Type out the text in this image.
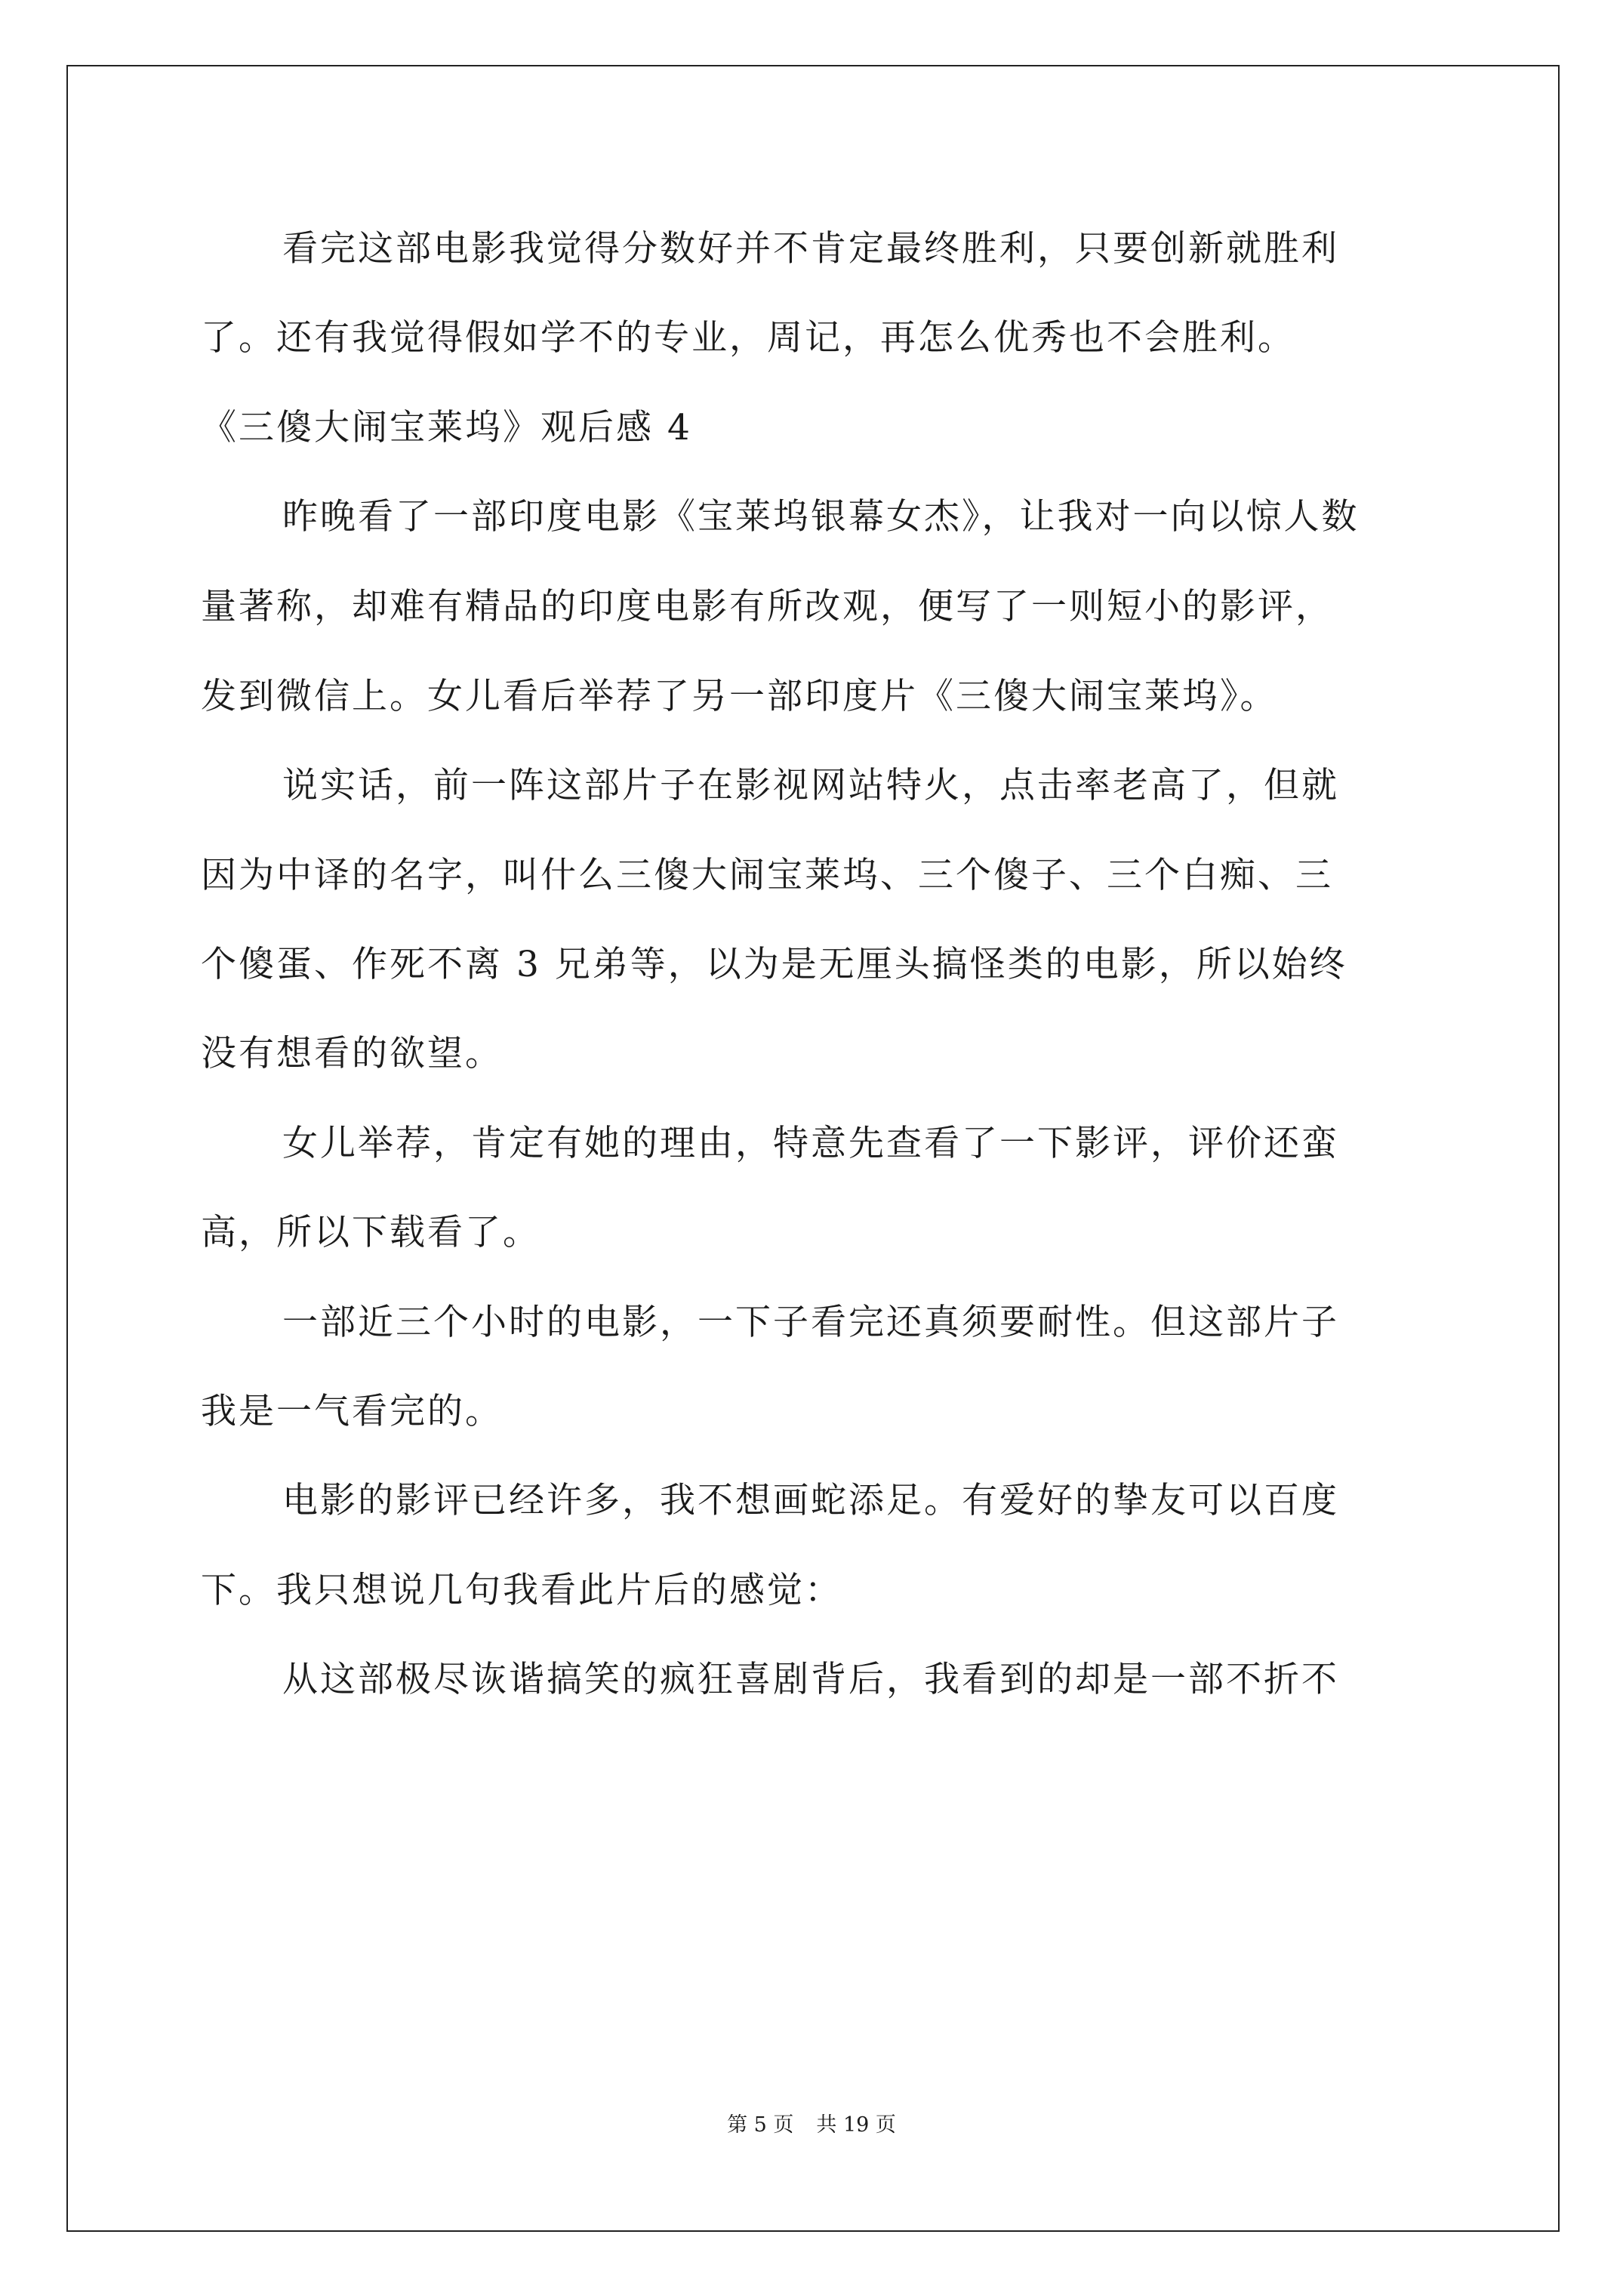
看完这部电影我觉得分数好并不肯定最终胜利，只要创新就胜利
了。还有我觉得假如学不的专业，周记，再怎么优秀也不会胜利。
《三傻大闹宝莱坞》观后感 4
昨晚看了一部印度电影《宝莱坞银幕女杰》，让我对一向以惊人数
量著称，却难有精品的印度电影有所改观，便写了一则短小的影评，
发到微信上。女儿看后举荐了另一部印度片《三傻大闹宝莱坞》。
说实话，前一阵这部片子在影视网站特火，点击率老高了，但就
因为中译的名字，叫什么三傻大闹宝莱坞、三个傻子、三个白痴、三
个傻蛋、作死不离 3 兄弟等，以为是无厘头搞怪类的电影，所以始终
没有想看的欲望。
女儿举荐，肯定有她的理由，特意先查看了一下影评，评价还蛮
高，所以下载看了。
一部近三个小时的电影，一下子看完还真须要耐性。但这部片子
我是一气看完的。
电影的影评已经许多，我不想画蛇添足。有爱好的挚友可以百度
下。我只想说几句我看此片后的感觉：
从这部极尽诙谐搞笑的疯狂喜剧背后，我看到的却是一部不折不
第 5 页 共 19 页
